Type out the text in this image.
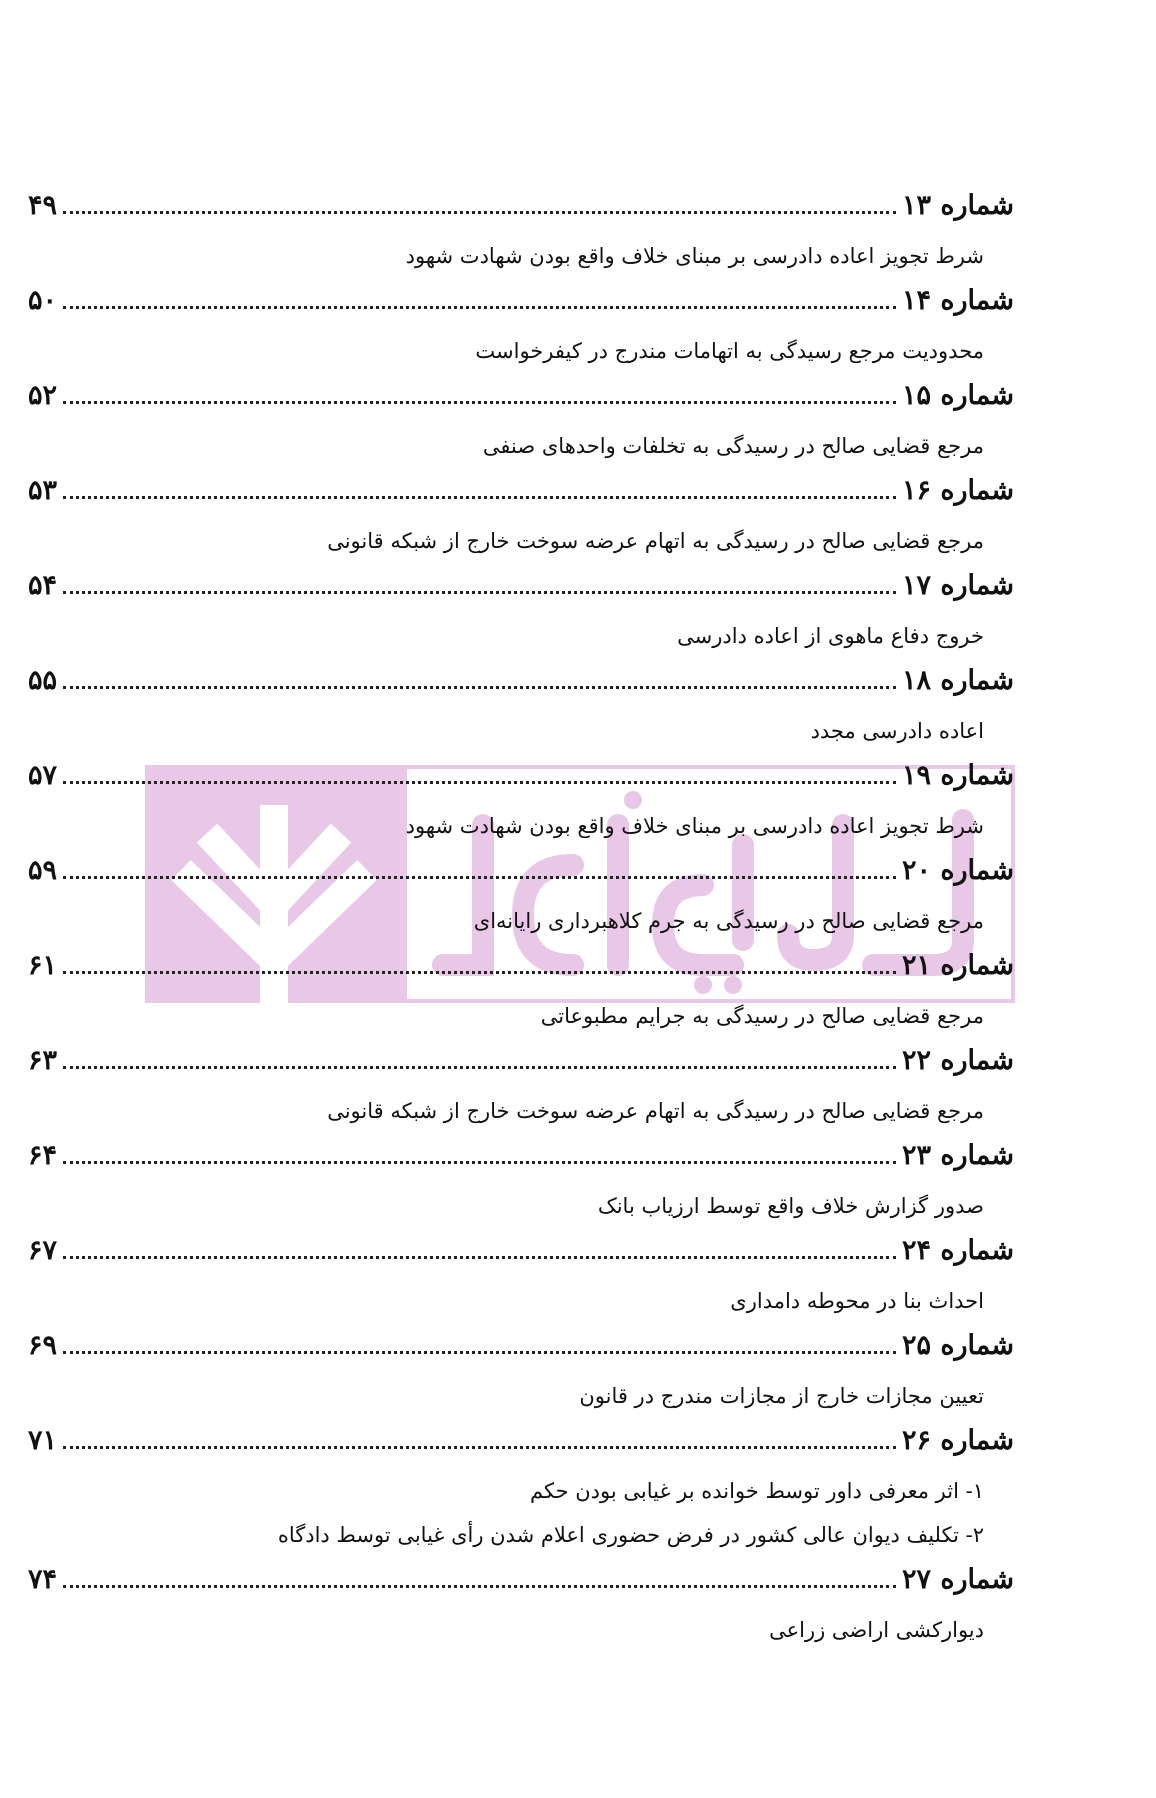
شماره ۱۳
۴۹
شرط تجویز اعاده دادرسی بر مبنای خلاف واقع بودن شهادت شهود
شماره ۱۴
۵۰
محدودیت مرجع رسیدگی به اتهامات مندرج در کیفرخواست
شماره ۱۵
۵۲
مرجع قضایی صالح در رسیدگی به تخلفات واحدهای صنفی
شماره ۱۶
۵۳
مرجع قضایی صالح در رسیدگی به اتهام عرضه سوخت خارج از شبکه قانونی
شماره ۱۷
۵۴
خروج دفاع ماهوی از اعاده دادرسی
شماره ۱۸
۵۵
اعاده دادرسی مجدد
شماره ۱۹
۵۷
شرط تجویز اعاده دادرسی بر مبنای خلاف واقع بودن شهادت شهود
شماره ۲۰
۵۹
مرجع قضایی صالح در رسیدگی به جرم کلاهبرداری رایانه‌ای
شماره ۲۱
۶۱
مرجع قضایی صالح در رسیدگی به جرایم مطبوعاتی
شماره ۲۲
۶۳
مرجع قضایی صالح در رسیدگی به اتهام عرضه سوخت خارج از شبکه قانونی
شماره ۲۳
۶۴
صدور گزارش خلاف واقع توسط ارزیاب بانک
شماره ۲۴
۶۷
احداث بنا در محوطه دامداری
شماره ۲۵
۶۹
تعیین مجازات خارج از مجازات مندرج در قانون
شماره ۲۶
۷۱
۱- اثر معرفی داور توسط خوانده بر غیابی بودن حکم
۲- تکلیف دیوان عالی کشور در فرض حضوری اعلام شدن رأی غیابی توسط دادگاه
شماره ۲۷
۷۴
دیوارکشی اراضی زراعی
